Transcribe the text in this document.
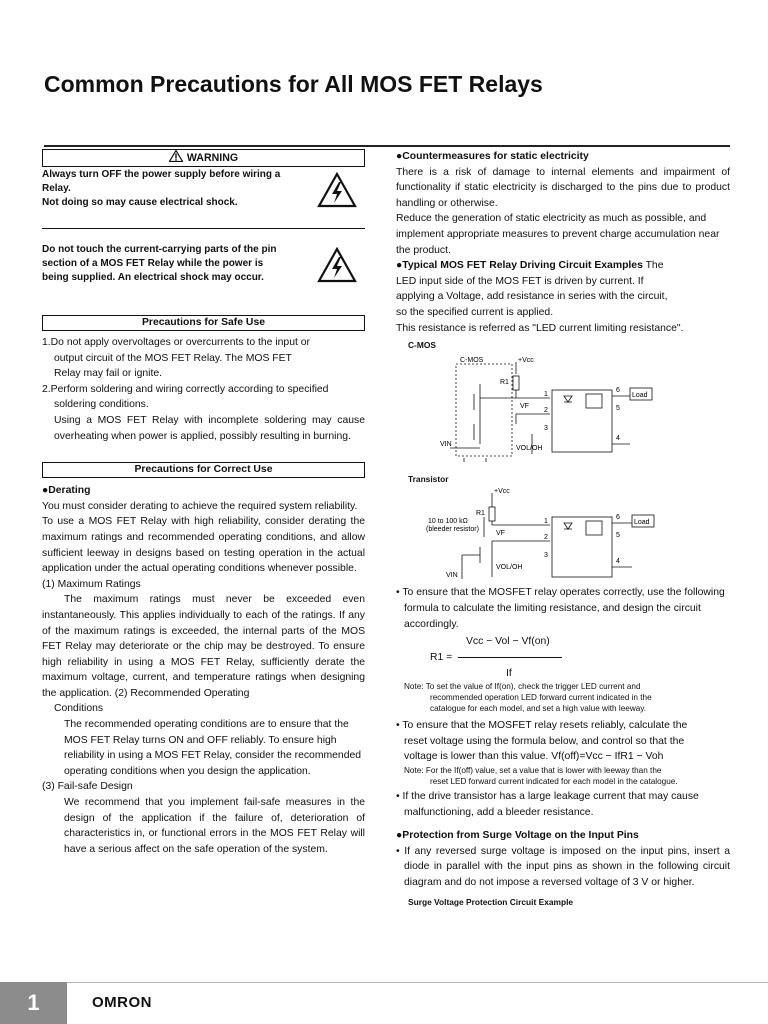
Common Precautions for All MOS FET Relays
WARNING
Always turn OFF the power supply before wiring a
Relay.
Not doing so may cause electrical shock.
Do not touch the current-carrying parts of the pin
section of a MOS FET Relay while the power is
being supplied. An electrical shock may occur.
Precautions for Safe Use

1.Do not apply overvoltages or overcurrents to the input or

output circuit of the MOS FET Relay. The MOS FET

Relay may fail or ignite.

2.Perform soldering and wiring correctly according to specified

soldering conditions.

Using a MOS FET Relay with incomplete soldering may cause overheating when power is applied, possibly resulting in burning.

Precautions for Correct Use

●Derating

You must consider derating to achieve the required system reliability.

To use a MOS FET Relay with high reliability, consider derating the maximum ratings and recommended operating conditions, and allow sufficient leeway in designs based on testing operation in the actual application under the actual operating conditions whenever possible.

(1) Maximum Ratings

The maximum ratings must never be exceeded even instantaneously. This applies individually to each of the ratings. If any of the maximum ratings is exceeded, the internal parts of the MOS FET Relay may deteriorate or the chip may be destroyed. To ensure high reliability in using a MOS FET Relay, sufficiently derate the maximum voltage, current, and temperature ratings when designing the application. (2) Recommended Operating

Conditions

The recommended operating conditions are to ensure that the MOS FET Relay turns ON and OFF reliably. To ensure high reliability in using a MOS FET Relay, consider the recommended operating conditions when you design the application.

(3) Fail-safe Design

We recommend that you implement fail-safe measures in the design of the application if the failure of, deterioration of characteristics in, or functional errors in the MOS FET Relay will have a serious affect on the safe operation of the system.

●Countermeasures for static electricity

There is a risk of damage to internal elements and impairment of functionality if static electricity is discharged to the pins due to product handling or otherwise.

Reduce the generation of static electricity as much as possible, and implement appropriate measures to prevent charge accumulation near the product.

●Typical MOS FET Relay Driving Circuit Examples The

LED input side of the MOS FET is driven by current. If

applying a Voltage, add resistance in series with the circuit,

so the specified current is applied.

This resistance is referred as "LED current limiting resistance".

C-MOS
C-MOS	+Vcc
R1
VF
VIN
VOL/OH
Load
1
2
3
4
5
6
Transistor
+Vcc
R1
VF
10 to 100 kΩ
(bleeder resistor)
VIN
VOL/OH
Load
1
2
3
4
5
6

• To ensure that the MOSFET relay operates correctly, use the following formula to calculate the limiting resistance, and design the circuit accordingly.

Vcc − Vol − Vf(on)
R1 =
If
Note: To set the value of If(on), check the trigger LED current and
recommended operation LED forward current indicated in the
catalogue for each model, and set a high value with leeway.

• To ensure that the MOSFET relay resets reliably, calculate the

reset voltage using the formula below, and control so that the

voltage is lower than this value. Vf(off)=Vcc − IfR1 − Voh

Note: For the If(off) value, set a value that is lower with leeway than the
reset LED forward current indicated for each model in the catalogue.

• If the drive transistor has a large leakage current that may cause malfunctioning, add a bleeder resistance.

●Protection from Surge Voltage on the Input Pins

• If any reversed surge voltage is imposed on the input pins, insert a diode in parallel with the input pins as shown in the following circuit diagram and do not impose a reversed voltage of 3 V or higher.

Surge Voltage Protection Circuit Example
1	OMRON
